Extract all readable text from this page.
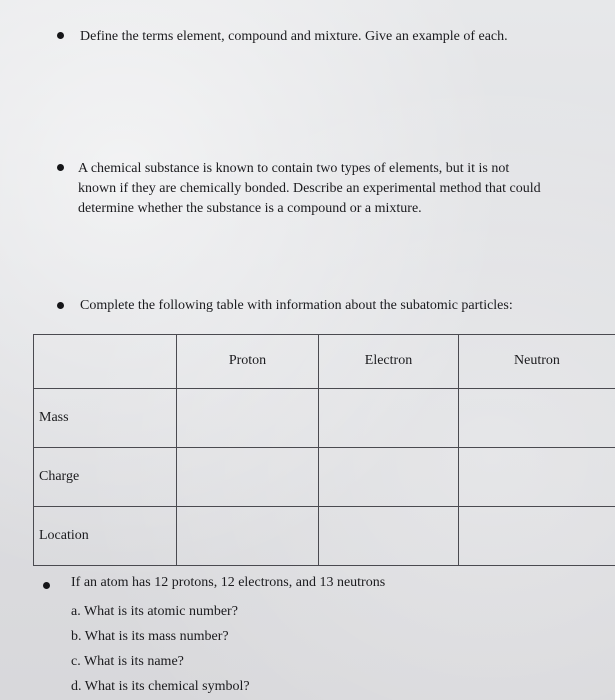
Define the terms element, compound and mixture. Give an example of each.

A chemical substance is known to contain two types of elements, but it is not
known if they are chemically bonded. Describe an experimental method that could
determine whether the substance is a compound or a mixture.

Complete the following table with information about the subatomic particles:

	Proton	Electron	Neutron
Mass			
Charge			
Location			

If an atom has 12 protons, 12 electrons, and 13 neutrons

a. What is its atomic number?
b. What is its mass number?
c. What is its name?
d. What is its chemical symbol?
